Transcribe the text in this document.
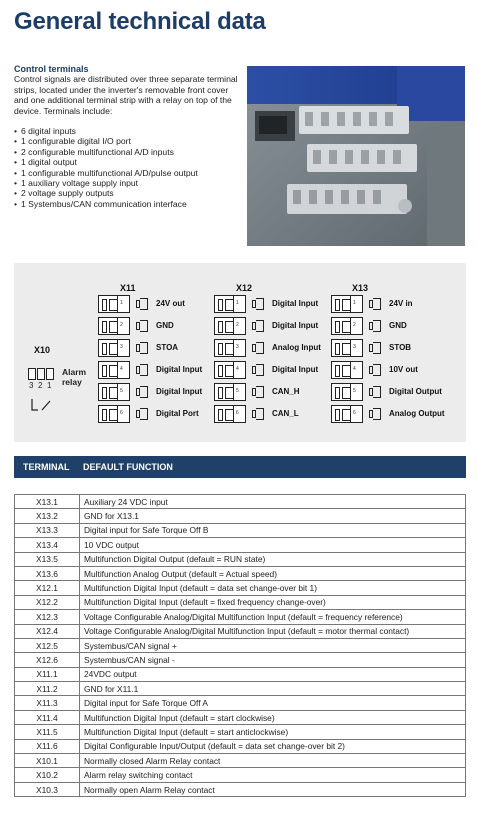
General technical data
Control terminals

Control signals are distributed over three separate terminal strips, located under the inverter's removable front cover and one additional terminal strip with a relay on top of the device. Terminals include:

• 6 digital inputs
• 1 configurable digital I/O port
• 2 configurable multifunctional A/D inputs
• 1 digital output
• 1 configurable multifunctional A/D/pulse output
• 1 auxiliary voltage supply input
• 2 voltage supply outputs
• 1 Systembus/CAN communication interface
X11	X12	X13
1	24V out
2	GND
3	STOA
4	Digital Input
5	Digital Input
6	Digital Port
1	Digital Input
2	Digital Input
3	Analog Input
4	Digital Input
5	CAN_H
6	CAN_L
1	24V in
2	GND
3	STOB
4	10V out
5	Digital Output
6	Analog Output
X10
3 2 1
Alarm
relay
TERMINAL DEFAULT FUNCTION
X13.1	Auxiliary 24 VDC input
X13.2	GND for X13.1
X13.3	Digital input for Safe Torque Off B
X13.4	10 VDC output
X13.5	Multifunction Digital Output (default = RUN state)
X13.6	Multifunction Analog Output (default = Actual speed)
X12.1	Multifunction Digital Input (default = data set change-over bit 1)
X12.2	Multifunction Digital Input (default = fixed frequency change-over)
X12.3	Voltage Configurable Analog/Digital Multifunction Input (default = frequency reference)
X12.4	Voltage Configurable Analog/Digital Multifunction Input (default = motor thermal contact)
X12.5	Systembus/CAN signal +
X12.6	Systembus/CAN signal -
X11.1	24VDC output
X11.2	GND for X11.1
X11.3	Digital input for Safe Torque Off A
X11.4	Multifunction Digital Input (default = start clockwise)
X11.5	Multifunction Digital Input (default = start anticlockwise)
X11.6	Digital Configurable Input/Output (default = data set change-over bit 2)
X10.1	Normally closed Alarm Relay contact
X10.2	Alarm relay switching contact
X10.3	Normally open Alarm Relay contact
